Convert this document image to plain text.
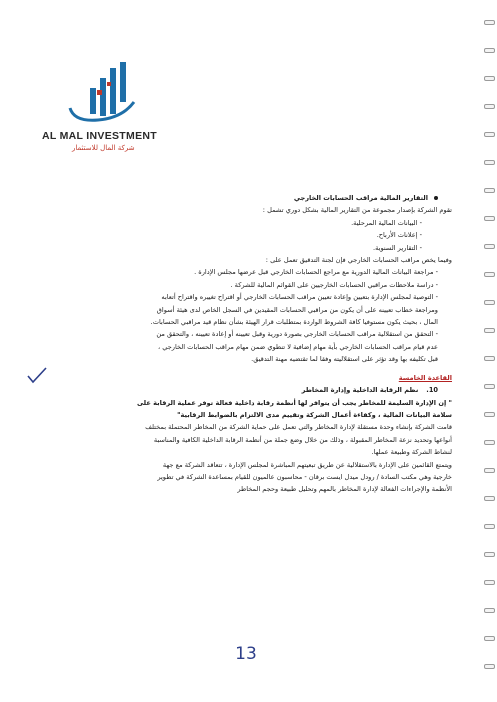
AL MAL INVESTMENT
شركة المال للاستثمار
التقارير المالية مراقب الحسابات الخارجي
تقوم الشركة بإصدار مجموعة من التقارير المالية بشكل دوري تشمل :
- البيانات المالية المرحلية.
- إعلانات الأرباح.
- التقارير السنوية.
وفيما يخص مراقب الحسابات الخارجي فإن لجنة التدقيق تعمل على :
- مراجعة البيانات المالية الدورية مع مراجع الحسابات الخارجي قبل عرضها مجلس الإدارة .
- دراسة ملاحظات مراقبي الحسابات الخارجيين على القوائم المالية للشركة .
- التوصية لمجلس الإدارة بتعيين وإعادة تعيين مراقب الحسابات الخارجي أو اقتراح تغييره واقتراح أتعابه
ومراجعة خطاب تعيينه على أن يكون من مراقبي الحسابات المقيدين في السجل الخاص لدى هيئة أسواق
المال ، بحيث يكون مستوفيا كافة الشروط الواردة بمتطلبات قرار الهيئة بشأن نظام قيد مراقبي الحسابات.
- التحقق من استقلالية مراقب الحسابات الخارجي بصورة دورية وقبل تعيينه أو إعادة تعيينه ، والتحقق من
عدم قيام مراقب الحسابات الخارجي بأية مهام إضافية لا تنطوي ضمن مهام مراقب الحسابات الخارجي ،
قبل تكليفه بها وقد تؤثر على استقلاليته وفقا لما تقتضيه مهنة التدقيق.
القاعدة الخامسة
10.نظم الرقابة الداخلية وإدارة المخاطر
" إن الإدارة السليمة للمخاطر يجب أن يتوافر لها أنظمة رقابة داخلية فعالة توفر عملية الرقابة على
سلامة البيانات المالية ، وكفاءة أعمال الشركة وتقييم مدى الالتزام بالضوابط الرقابية"
قامت الشركة بإنشاء وحدة مستقلة لإدارة المخاطر والتي تعمل على حماية الشركة من المخاطر المحتملة بمختلف
أنواعها وتحديد نزعة المخاطر المقبولة ، وذلك من خلال وضع جملة من أنظمة الرقابة الداخلية الكافية والمناسبة
لنشاط الشركة وطبيعة عملها.
ويتمتع القائمين على الإدارة بالاستقلالية عن طريق تبعيتهم المباشرة لمجلس الإدارة ، تتعاقد الشركة مع جهة
خارجية وهي مكتب السادة / رودل ميدل ايست برقان - محاسبون عالميون للقيام بمساعدة الشركة في تطوير
الأنظمة والإجراءات الفعالة لإدارة المخاطر بالمهم وتحليل طبيعة وحجم المخاطر
13
